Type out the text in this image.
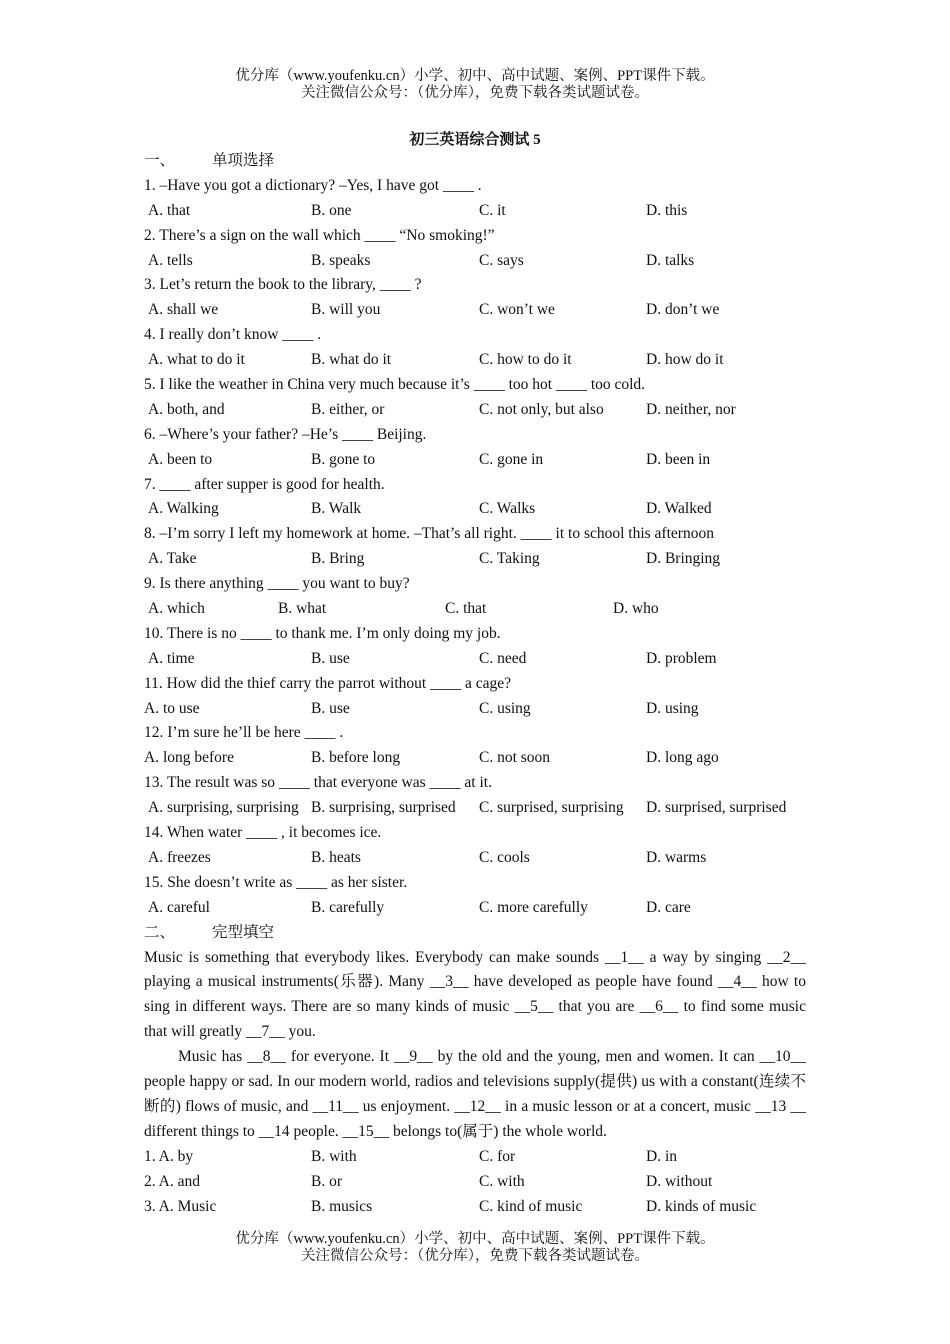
优分库（www.youfenku.cn）小学、初中、高中试题、案例、PPT课件下载。
关注微信公众号：（优分库），免费下载各类试题试卷。
初三英语综合测试 5
一、 单项选择
1. –Have you got a dictionary? –Yes, I have got ____ .
A. that	B. one	C. it	D. this
2. There’s a sign on the wall which ____ “No smoking!”
A. tells	B. speaks	C. says	D. talks
3. Let’s return the book to the library, ____ ?
A. shall we	B. will you	C. won’t we	D. don’t we
4. I really don’t know ____ .
A. what to do it	B. what do it	C. how to do it	D. how do it
5. I like the weather in China very much because it’s ____ too hot ____ too cold.
A. both, and	B. either, or	C. not only, but also	D. neither, nor
6. –Where’s your father? –He’s ____ Beijing.
A. been to	B. gone to	C. gone in	D. been in
7. ____ after supper is good for health.
A. Walking	B. Walk	C. Walks	D. Walked
8. –I’m sorry I left my homework at home. –That’s all right. ____ it to school this afternoon
A. Take	B. Bring	C. Taking	D. Bringing
9. Is there anything ____ you want to buy?
A. which	B. what	C. that	D. who
10. There is no ____ to thank me. I’m only doing my job.
A. time	B. use	C. need	D. problem
11. How did the thief carry the parrot without ____ a cage?
A. to use	B. use	C. using	D. using
12. I’m sure he’ll be here ____ .
A. long before	B. before long	C. not soon	D. long ago
13. The result was so ____ that everyone was ____ at it.
A. surprising, surprising B. surprising, surprised C. surprised, surprising D. surprised, surprised
14. When water ____ , it becomes ice.
A. freezes	B. heats	C. cools	D. warms
15. She doesn’t write as ____ as her sister.
A. careful	B. carefully	C. more carefully	D. care
二、 完型填空

Music is something that everybody likes. Everybody can make sounds __1__ a way by singing __2__ playing a musical instruments(乐器). Many __3__ have developed as people have found __4__ how to sing in different ways. There are so many kinds of music __5__ that you are __6__ to find some music that will greatly __7__ you.

Music has __8__ for everyone. It __9__ by the old and the young, men and women. It can __10__ people happy or sad. In our modern world, radios and televisions supply(提供) us with a constant(连续不断的) flows of music, and __11__ us enjoyment. __12__ in a music lesson or at a concert, music __13 __ different things to __14 people. __15__ belongs to(属于) the whole world.

1. A. by	B. with	C. for	D. in
2. A. and	B. or	C. with	D. without
3. A. Music	B. musics	C. kind of music	D. kinds of music
优分库（www.youfenku.cn）小学、初中、高中试题、案例、PPT课件下载。
关注微信公众号：（优分库），免费下载各类试题试卷。
